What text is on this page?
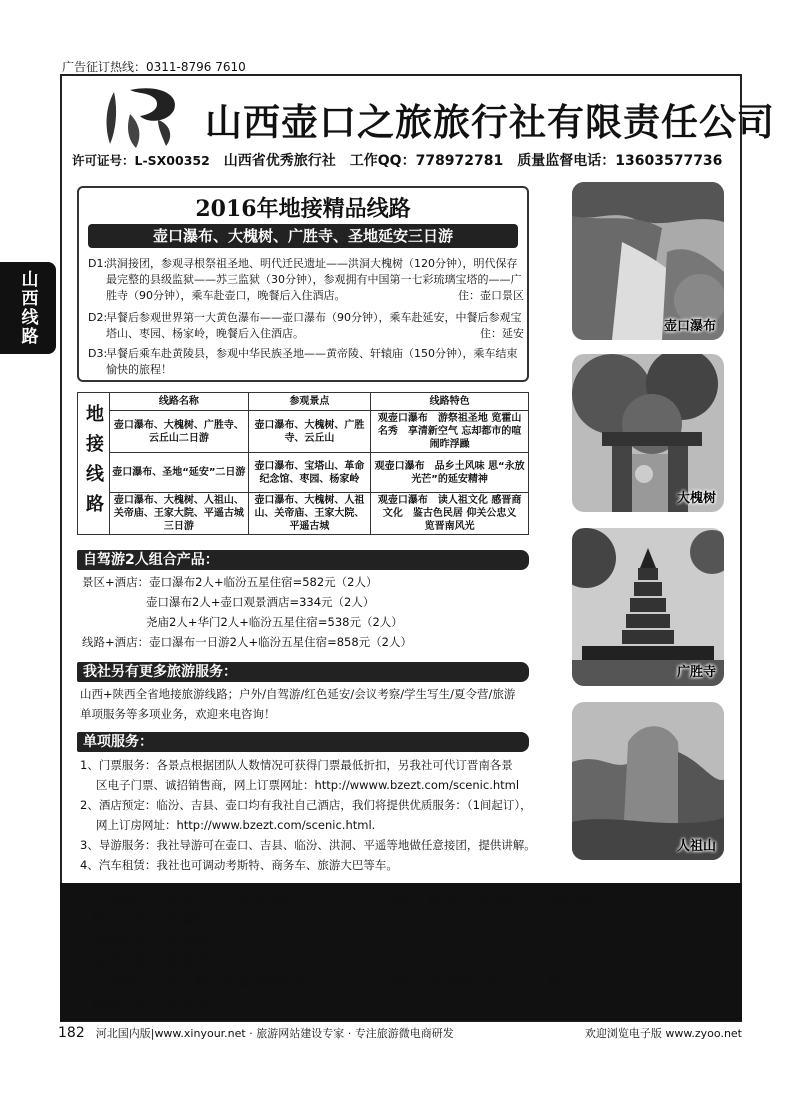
广告征订热线：0311-8796 7610
山西壶口之旅旅行社有限责任公司
许可证号：L-SX00352 山西省优秀旅行社 工作QQ：778972781 质量监督电话：13603577736
山西线路
2016年地接精品线路
壶口瀑布、大槐树、广胜寺、圣地延安三日游
D1:
洪洞接团，参观寻根祭祖圣地、明代迁民遗址——洪洞大槐树（120分钟），明代保存最完整的县级监狱——苏三监狱（30分钟），参观拥有中国第一七彩琉璃宝塔的——广胜寺（90分钟），乘车赴壶口，晚餐后入住酒店。	住：壶口景区
D2:
早餐后参观世界第一大黄色瀑布——壶口瀑布（90分钟），乘车赴延安，中餐后参观宝塔山、枣园、杨家岭，晚餐后入住酒店。	住：延安
D3:
早餐后乘车赴黄陵县，参观中华民族圣地——黄帝陵、轩辕庙（150分钟），乘车结束愉快的旅程！
地接线路	线路名称	参观景点	线路特色
	壶口瀑布、大槐树、广胜寺、云丘山二日游	壶口瀑布、大槐树、广胜寺、云丘山	观壶口瀑布　游祭祖圣地 览霍山名秀　享清新空气 忘却都市的喧闹昨浮躁
	壶口瀑布、圣地“延安”二日游	壶口瀑布、宝塔山、革命纪念馆、枣园、杨家岭	观壶口瀑布　品乡土风味 思“永放光芒”的延安精神
	壶口瀑布、大槐树、人祖山、关帝庙、王家大院、平遥古城三日游	壶口瀑布、大槐树、人祖山、关帝庙、王家大院、平遥古城	观壶口瀑布　读人祖文化 感晋商文化　鉴古色民居 仰关公忠义　览晋南风光
自驾游2人组合产品：
景区+酒店：壶口瀑布2人+临汾五星住宿=582元（2人）
壶口瀑布2人+壶口观景酒店=334元（2人）
尧庙2人+华门2人+临汾五星住宿=538元（2人）
线路+酒店：壶口瀑布一日游2人+临汾五星住宿=858元（2人）
我社另有更多旅游服务：
山西+陕西全省地接旅游线路；户外/自驾游/红色延安/会议考察/学生写生/夏令营/旅游
单项服务等多项业务，欢迎来电咨询！
单项服务：
1、门票服务：各景点根据团队人数情况可获得门票最低折扣，另我社可代订晋南各景
区电子门票、诚招销售商，网上订票网址：http://wwww.bzezt.com/scenic.html
2、酒店预定：临汾、吉县、壶口均有我社自己酒店，我们将提供优质服务：（1间起订），
网上订房网址：http://www.bzezt.com/scenic.html.
3、导游服务：我社导游可在壶口、吉县、临汾、洪洞、平遥等地做任意接团，提供讲解。
4、汽车租赁：我社也可调动考斯特、商务车、旅游大巴等车。
壶口瀑布
大槐树
广胜寺
人祖山
山西壶口之旅旅行社（临汾总部）	地址：临汾市福利巷28号楼门面
副总经理：冯德英　13593500377	0357-2056009	QQ：2853665210
地接计调：杨晓霞　15203577868	0357-3169662	QQ：2597950574
电商计调：吴丽琴　15203577857	0357-2053088	QQ：2853665212
山西壶口之旅（壶口自驾游服务中心）	地址：吉县壶口景区001号
票务计调：杜吉祥　15203578221	0357-7927111	QQ：642058013
182　 河北国内版|www.xinyour.net · 旅游网站建设专家 · 专注旅游微电商研发	欢迎浏览电子版 www.zyoo.net
